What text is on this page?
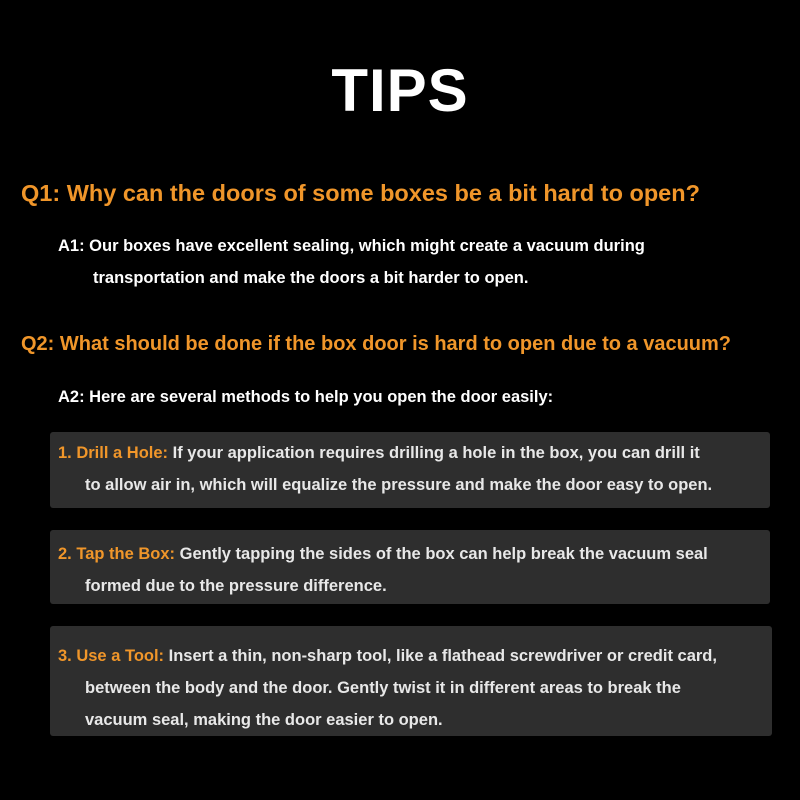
TIPS
Q1: Why can the doors of some boxes be a bit hard to open?
A1: Our boxes have excellent sealing, which might create a vacuum during
transportation and make the doors a bit harder to open.
Q2: What should be done if the box door is hard to open due to a vacuum?
A2: Here are several methods to help you open the door easily:
1. Drill a Hole: If your application requires drilling a hole in the box, you can drill it
to allow air in, which will equalize the pressure and make the door easy to open.
2. Tap the Box: Gently tapping the sides of the box can help break the vacuum seal
formed due to the pressure difference.
3. Use a Tool: Insert a thin, non-sharp tool, like a flathead screwdriver or credit card,
between the body and the door. Gently twist it in different areas to break the
vacuum seal, making the door easier to open.
